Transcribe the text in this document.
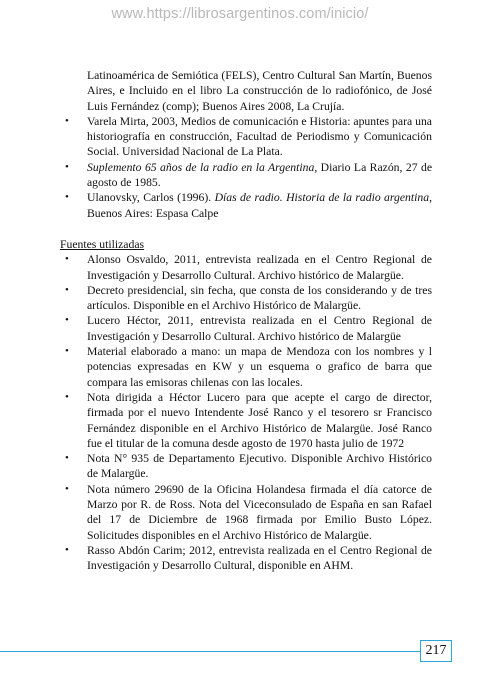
www.https://librosargentinos.com/inicio/

Latinoamérica de Semiótica (FELS), Centro Cultural San Martín, Buenos Aires, e Incluido en el libro La construcción de lo radiofónico, de José Luis Fernández (comp); Buenos Aires 2008, La Crujía.

• Varela Mirta, 2003, Medios de comunicación e Historia: apuntes para una historiografía en construcción, Facultad de Periodismo y Comunicación Social. Universidad Nacional de La Plata.
• Suplemento 65 años de la radio en la Argentina, Diario La Razón, 27 de agosto de 1985.
• Ulanovsky, Carlos (1996). Días de radio. Historia de la radio argentina, Buenos Aires: Espasa Calpe

Fuentes utilizadas

• Alonso Osvaldo, 2011, entrevista realizada en el Centro Regional de Investigación y Desarrollo Cultural. Archivo histórico de Malargüe.
• Decreto presidencial, sin fecha, que consta de los considerando y de tres artículos. Disponible en el Archivo Histórico de Malargüe.
• Lucero Héctor, 2011, entrevista realizada en el Centro Regional de Investigación y Desarrollo Cultural. Archivo histórico de Malargüe
• Material elaborado a mano: un mapa de Mendoza con los nombres y l potencias expresadas en KW y un esquema o grafico de barra que compara las emisoras chilenas con las locales.
• Nota dirigida a Héctor Lucero para que acepte el cargo de director, firmada por el nuevo Intendente José Ranco y el tesorero sr Francisco Fernández disponible en el Archivo Histórico de Malargüe. José Ranco fue el titular de la comuna desde agosto de 1970 hasta julio de 1972
• Nota N° 935 de Departamento Ejecutivo. Disponible Archivo Histórico de Malargüe.
• Nota número 29690 de la Oficina Holandesa firmada el día catorce de Marzo por R. de Ross. Nota del Viceconsulado de España en san Rafael del 17 de Diciembre de 1968 firmada por Emilio Busto López. Solicitudes disponibles en el Archivo Histórico de Malargüe.
• Rasso Abdón Carim; 2012, entrevista realizada en el Centro Regional de Investigación y Desarrollo Cultural, disponible en AHM.
217
